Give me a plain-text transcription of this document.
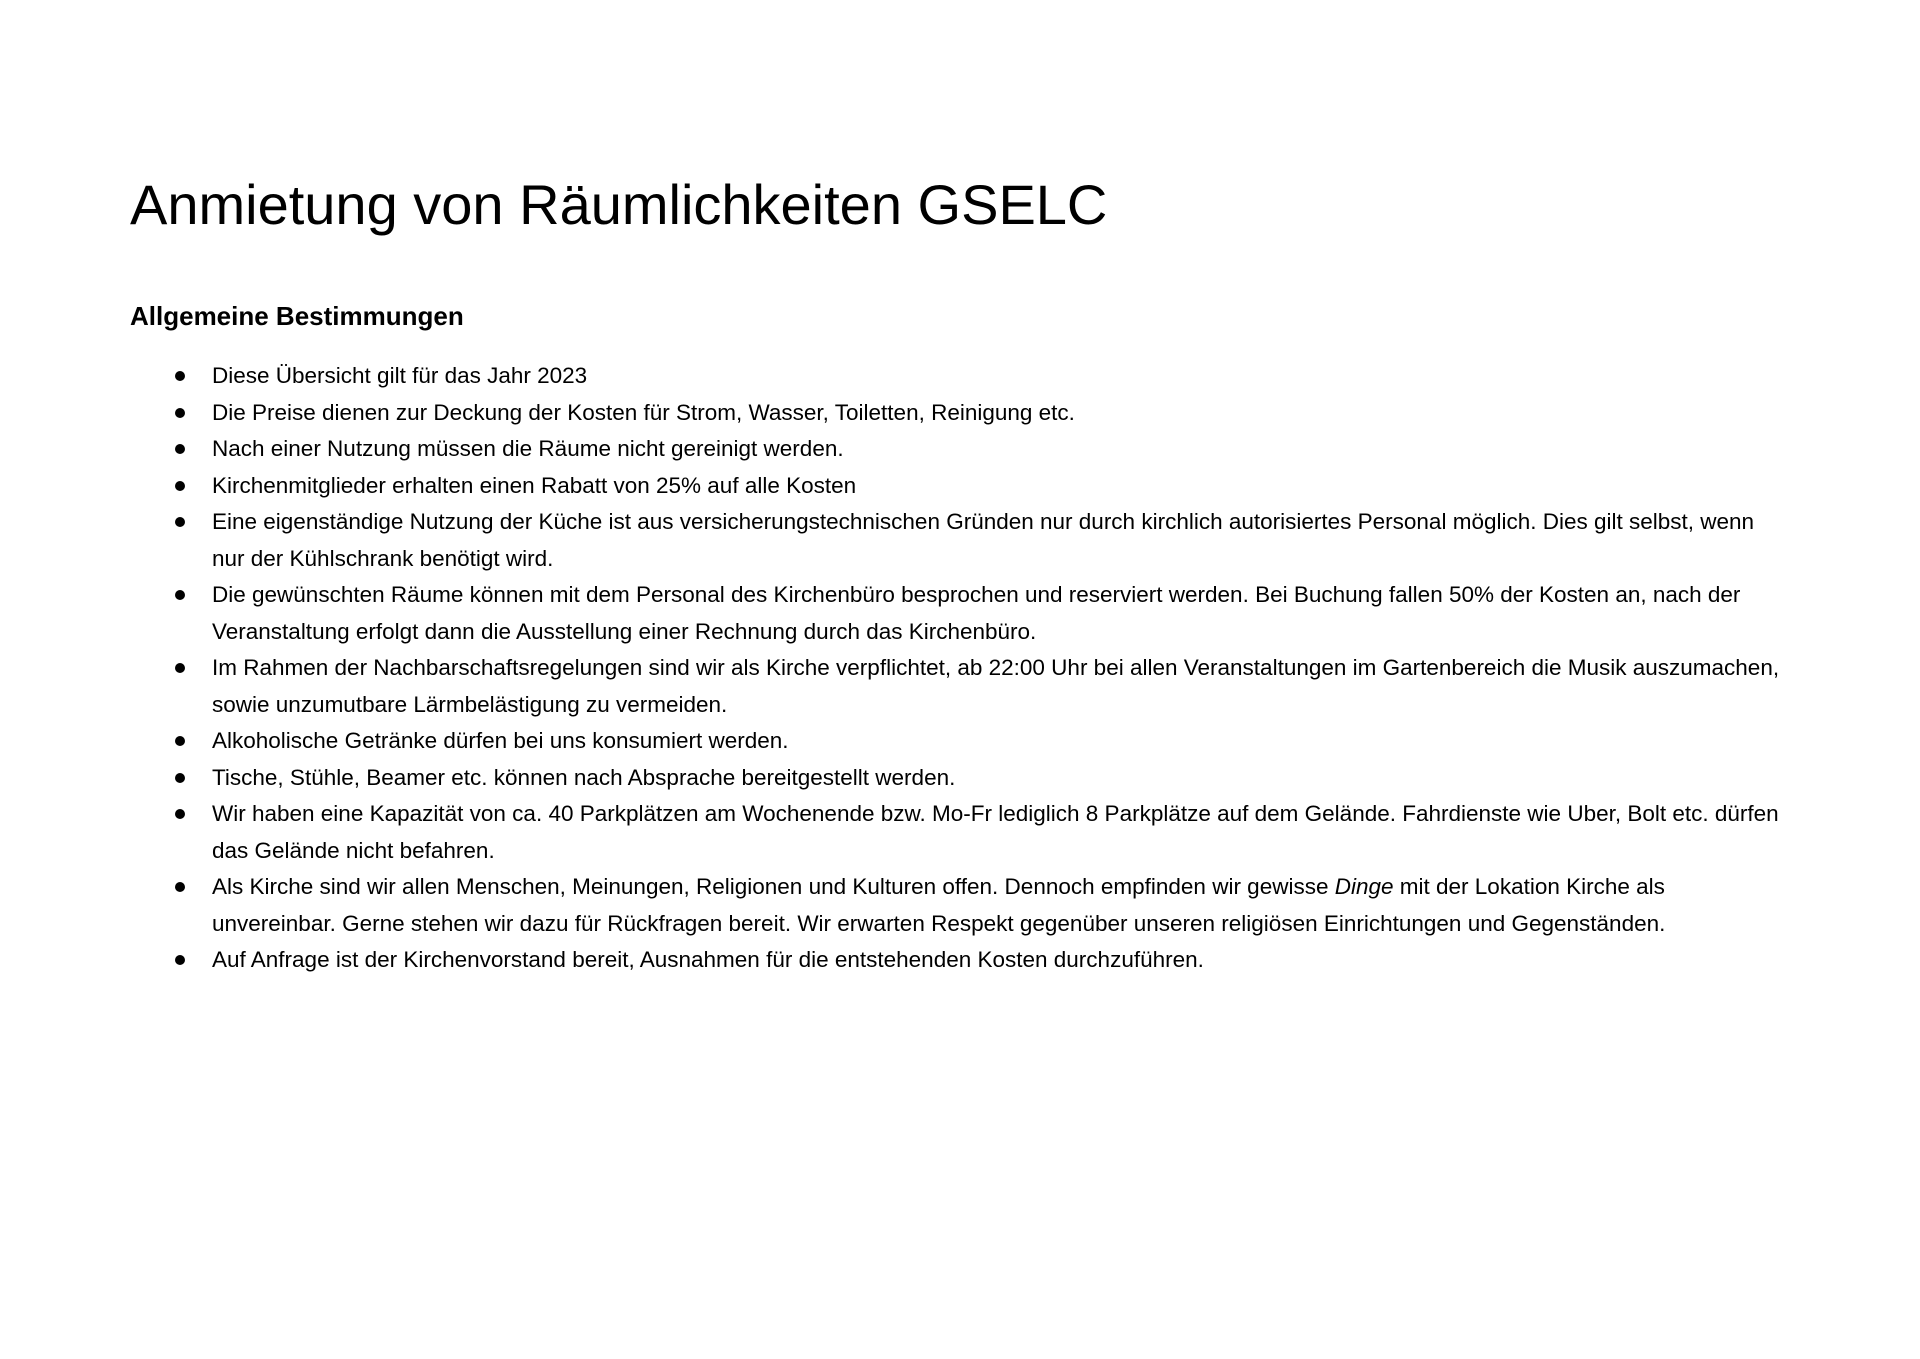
Anmietung von Räumlichkeiten GSELC
Allgemeine Bestimmungen
Diese Übersicht gilt für das Jahr 2023
Die Preise dienen zur Deckung der Kosten für Strom, Wasser, Toiletten, Reinigung etc.
Nach einer Nutzung müssen die Räume nicht gereinigt werden.
Kirchenmitglieder erhalten einen Rabatt von 25% auf alle Kosten
Eine eigenständige Nutzung der Küche ist aus versicherungstechnischen Gründen nur durch kirchlich autorisiertes Personal möglich. Dies gilt selbst, wenn nur der Kühlschrank benötigt wird.
Die gewünschten Räume können mit dem Personal des Kirchenbüro besprochen und reserviert werden. Bei Buchung fallen 50% der Kosten an, nach der Veranstaltung erfolgt dann die Ausstellung einer Rechnung durch das Kirchenbüro.
Im Rahmen der Nachbarschaftsregelungen sind wir als Kirche verpflichtet, ab 22:00 Uhr bei allen Veranstaltungen im Gartenbereich die Musik auszumachen, sowie unzumutbare Lärmbelästigung zu vermeiden.
Alkoholische Getränke dürfen bei uns konsumiert werden.
Tische, Stühle, Beamer etc. können nach Absprache bereitgestellt werden.
Wir haben eine Kapazität von ca. 40 Parkplätzen am Wochenende bzw. Mo-Fr lediglich 8 Parkplätze auf dem Gelände. Fahrdienste wie Uber, Bolt etc. dürfen das Gelände nicht befahren.
Als Kirche sind wir allen Menschen, Meinungen, Religionen und Kulturen offen. Dennoch empfinden wir gewisse Dinge mit der Lokation Kirche als unvereinbar. Gerne stehen wir dazu für Rückfragen bereit. Wir erwarten Respekt gegenüber unseren religiösen Einrichtungen und Gegenständen.
Auf Anfrage ist der Kirchenvorstand bereit, Ausnahmen für die entstehenden Kosten durchzuführen.
